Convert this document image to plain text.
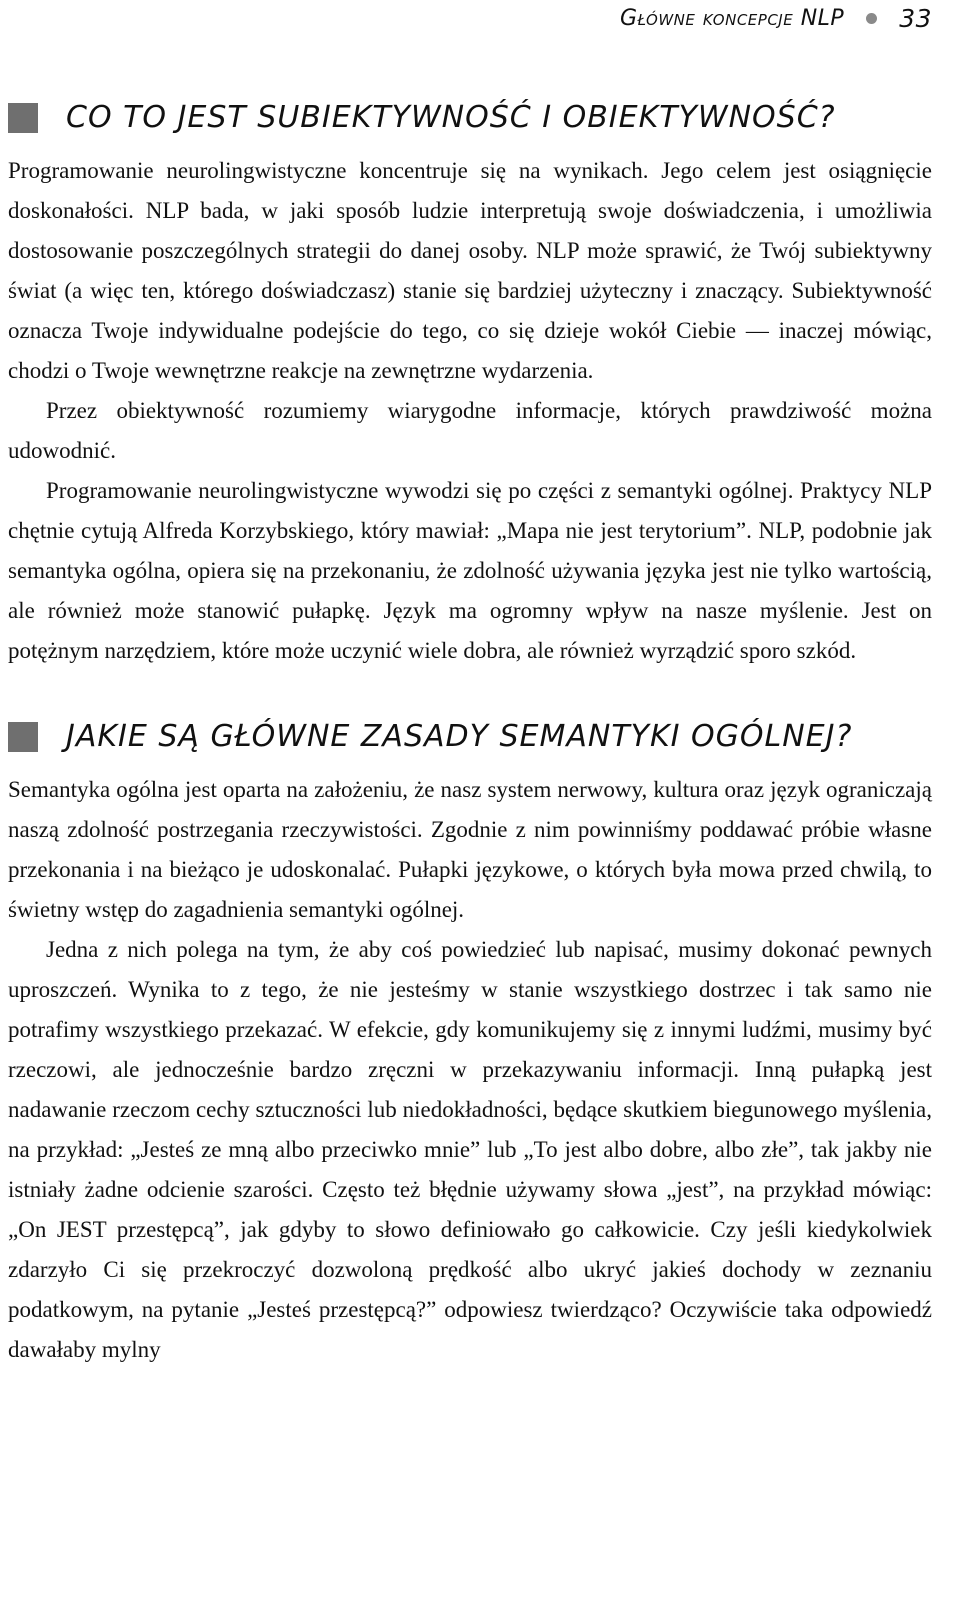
Główne koncepcje NLP 33
CO TO JEST SUBIEKTYWNOŚĆ I OBIEKTYWNOŚĆ?

Programowanie neurolingwistyczne koncentruje się na wynikach. Jego celem jest osiągnięcie doskonałości. NLP bada, w jaki sposób ludzie interpretują swoje doświadczenia, i umożliwia dostosowanie poszczególnych strategii do danej osoby. NLP może sprawić, że Twój subiektywny świat (a więc ten, którego doświadczasz) stanie się bardziej użyteczny i znaczący. Subiektywność oznacza Twoje indywidualne podejście do tego, co się dzieje wokół Ciebie — inaczej mówiąc, chodzi o Twoje wewnętrzne reakcje na zewnętrzne wydarzenia.

Przez obiektywność rozumiemy wiarygodne informacje, których prawdziwość można udowodnić.

Programowanie neurolingwistyczne wywodzi się po części z semantyki ogólnej. Praktycy NLP chętnie cytują Alfreda Korzybskiego, który mawiał: „Mapa nie jest terytorium”. NLP, podobnie jak semantyka ogólna, opiera się na przekonaniu, że zdolność używania języka jest nie tylko wartością, ale również może stanowić pułapkę. Język ma ogromny wpływ na nasze myślenie. Jest on potężnym narzędziem, które może uczynić wiele dobra, ale również wyrządzić sporo szkód.

JAKIE SĄ GŁÓWNE ZASADY SEMANTYKI OGÓLNEJ?

Semantyka ogólna jest oparta na założeniu, że nasz system nerwowy, kultura oraz język ograniczają naszą zdolność postrzegania rzeczywistości. Zgodnie z nim powinniśmy poddawać próbie własne przekonania i na bieżąco je udoskonalać. Pułapki językowe, o których była mowa przed chwilą, to świetny wstęp do zagadnienia semantyki ogólnej.

Jedna z nich polega na tym, że aby coś powiedzieć lub napisać, musimy dokonać pewnych uproszczeń. Wynika to z tego, że nie jesteśmy w stanie wszystkiego dostrzec i tak samo nie potrafimy wszystkiego przekazać. W efekcie, gdy komunikujemy się z innymi ludźmi, musimy być rzeczowi, ale jednocześnie bardzo zręczni w przekazywaniu informacji. Inną pułapką jest nadawanie rzeczom cechy sztuczności lub niedokładności, będące skutkiem biegunowego myślenia, na przykład: „Jesteś ze mną albo przeciwko mnie” lub „To jest albo dobre, albo złe”, tak jakby nie istniały żadne odcienie szarości. Często też błędnie używamy słowa „jest”, na przykład mówiąc: „On JEST przestępcą”, jak gdyby to słowo definiowało go całkowicie. Czy jeśli kiedykolwiek zdarzyło Ci się przekroczyć dozwoloną prędkość albo ukryć jakieś dochody w zeznaniu podatkowym, na pytanie „Jesteś przestępcą?” odpowiesz twierdząco? Oczywiście taka odpowiedź dawałaby mylny
